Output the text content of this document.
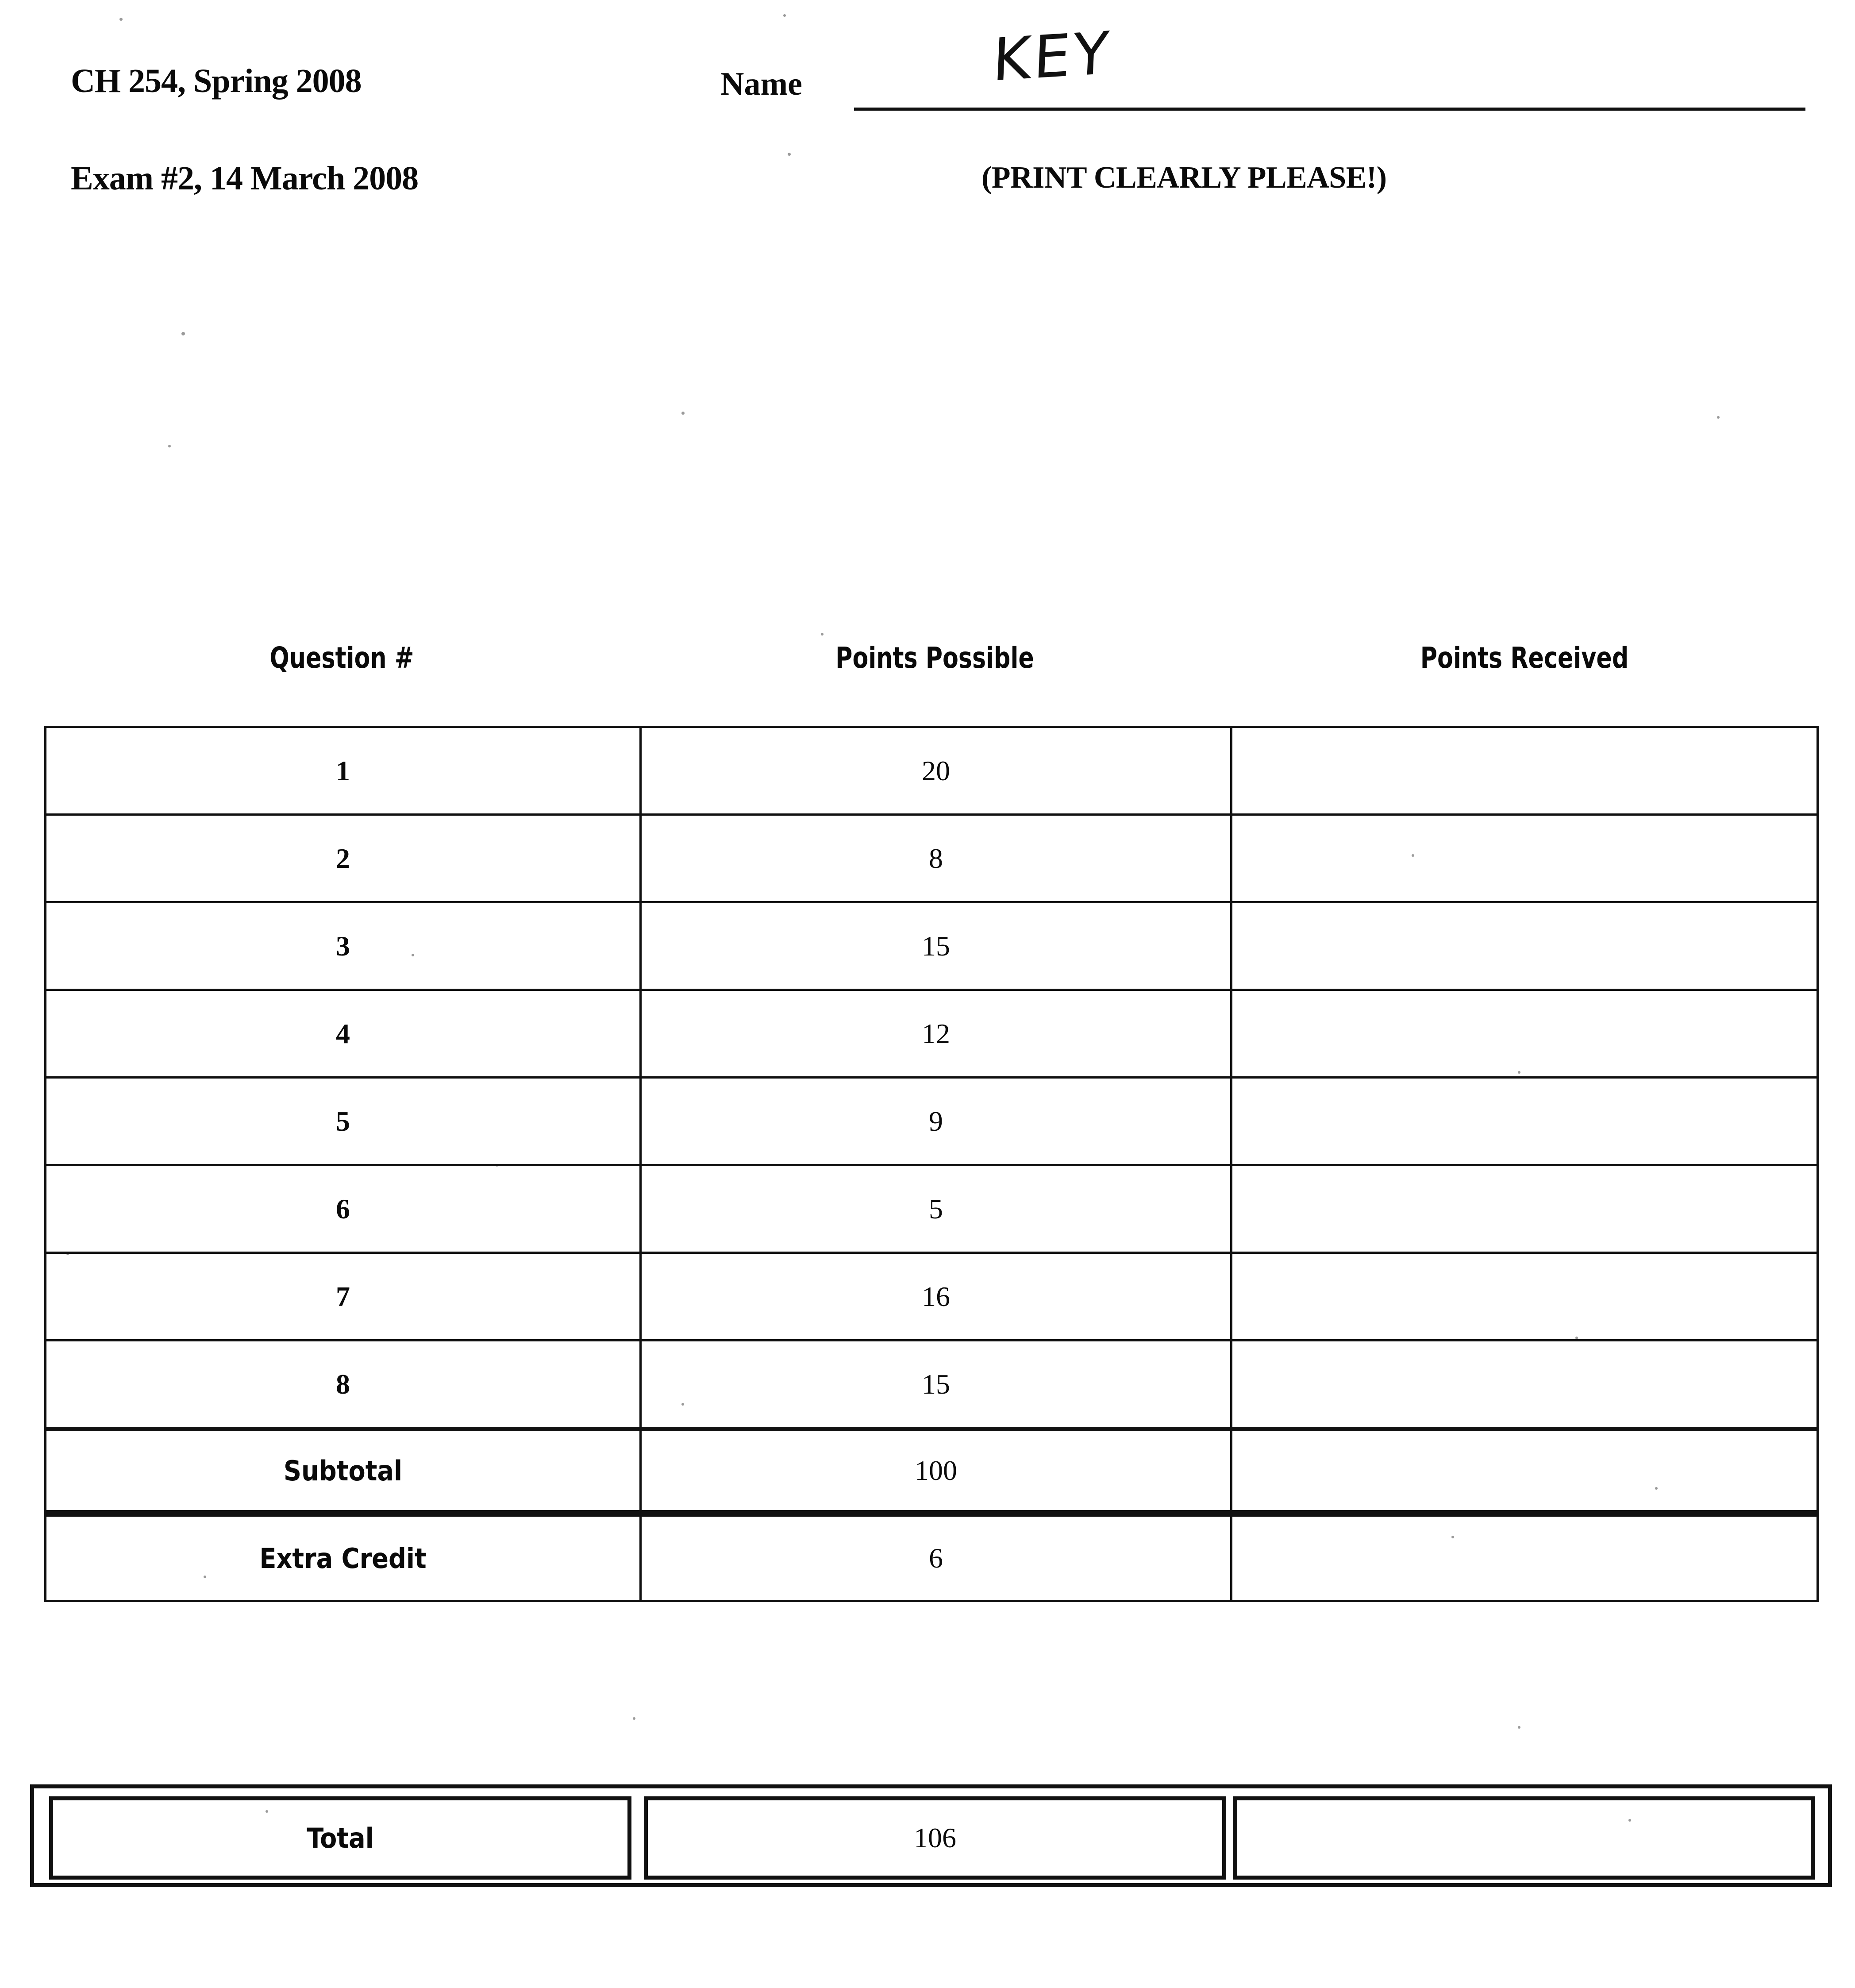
CH 254, Spring 2008
Exam #2, 14 March 2008
Name	KEY
(PRINT CLEARLY PLEASE!)
Question #	Points Possible	Points Received
1	20
2	8
3	15
4	12
5	9
6	5
7	16
8	15
Subtotal	100
Extra Credit	6
Total	106
